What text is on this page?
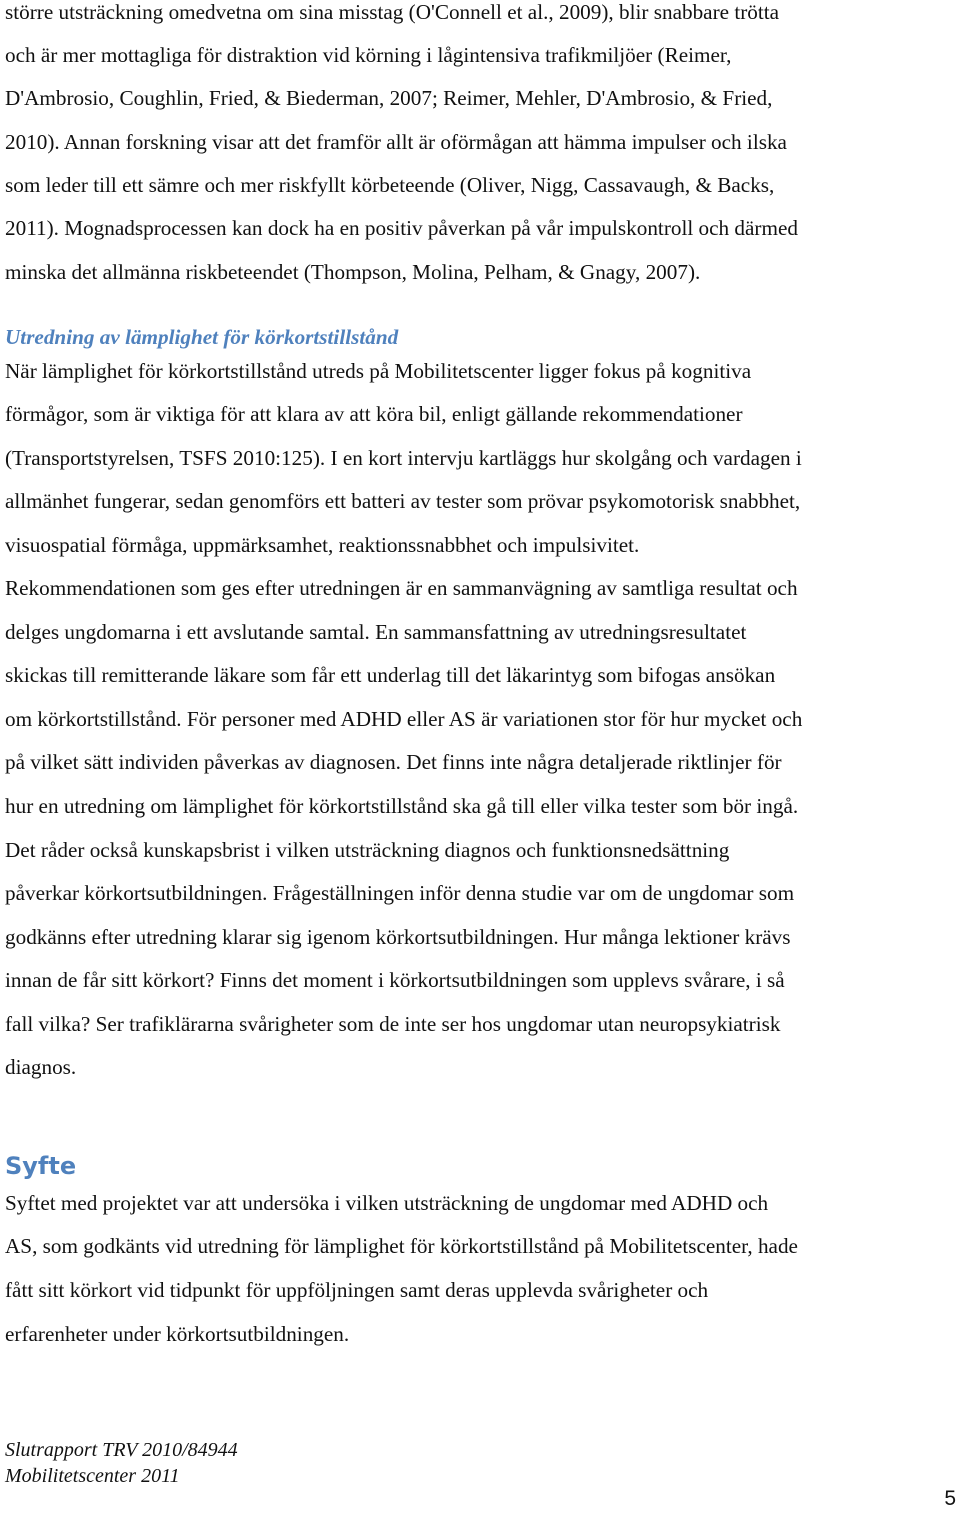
större utsträckning omedvetna om sina misstag (O'Connell et al., 2009), blir snabbare trötta
och är mer mottagliga för distraktion vid körning i lågintensiva trafikmiljöer (Reimer,
D'Ambrosio, Coughlin, Fried, & Biederman, 2007; Reimer, Mehler, D'Ambrosio, & Fried,
2010). Annan forskning visar att det framför allt är oförmågan att hämma impulser och ilska
som leder till ett sämre och mer riskfyllt körbeteende (Oliver, Nigg, Cassavaugh, & Backs,
2011). Mognadsprocessen kan dock ha en positiv påverkan på vår impulskontroll och därmed
minska det allmänna riskbeteendet (Thompson, Molina, Pelham, & Gnagy, 2007).
Utredning av lämplighet för körkortstillstånd
När lämplighet för körkortstillstånd utreds på Mobilitetscenter ligger fokus på kognitiva
förmågor, som är viktiga för att klara av att köra bil, enligt gällande rekommendationer
(Transportstyrelsen, TSFS 2010:125). I en kort intervju kartläggs hur skolgång och vardagen i
allmänhet fungerar, sedan genomförs ett batteri av tester som prövar psykomotorisk snabbhet,
visuospatial förmåga, uppmärksamhet, reaktionssnabbhet och impulsivitet.
Rekommendationen som ges efter utredningen är en sammanvägning av samtliga resultat och
delges ungdomarna i ett avslutande samtal. En sammansfattning av utredningsresultatet
skickas till remitterande läkare som får ett underlag till det läkarintyg som bifogas ansökan
om körkortstillstånd. För personer med ADHD eller AS är variationen stor för hur mycket och
på vilket sätt individen påverkas av diagnosen. Det finns inte några detaljerade riktlinjer för
hur en utredning om lämplighet för körkortstillstånd ska gå till eller vilka tester som bör ingå.
Det råder också kunskapsbrist i vilken utsträckning diagnos och funktionsnedsättning
påverkar körkortsutbildningen. Frågeställningen inför denna studie var om de ungdomar som
godkänns efter utredning klarar sig igenom körkortsutbildningen. Hur många lektioner krävs
innan de får sitt körkort? Finns det moment i körkortsutbildningen som upplevs svårare, i så
fall vilka? Ser trafiklärarna svårigheter som de inte ser hos ungdomar utan neuropsykiatrisk
diagnos.
Syfte
Syftet med projektet var att undersöka i vilken utsträckning de ungdomar med ADHD och
AS, som godkänts vid utredning för lämplighet för körkortstillstånd på Mobilitetscenter, hade
fått sitt körkort vid tidpunkt för uppföljningen samt deras upplevda svårigheter och
erfarenheter under körkortsutbildningen.
Slutrapport TRV 2010/84944
Mobilitetscenter 2011
5
